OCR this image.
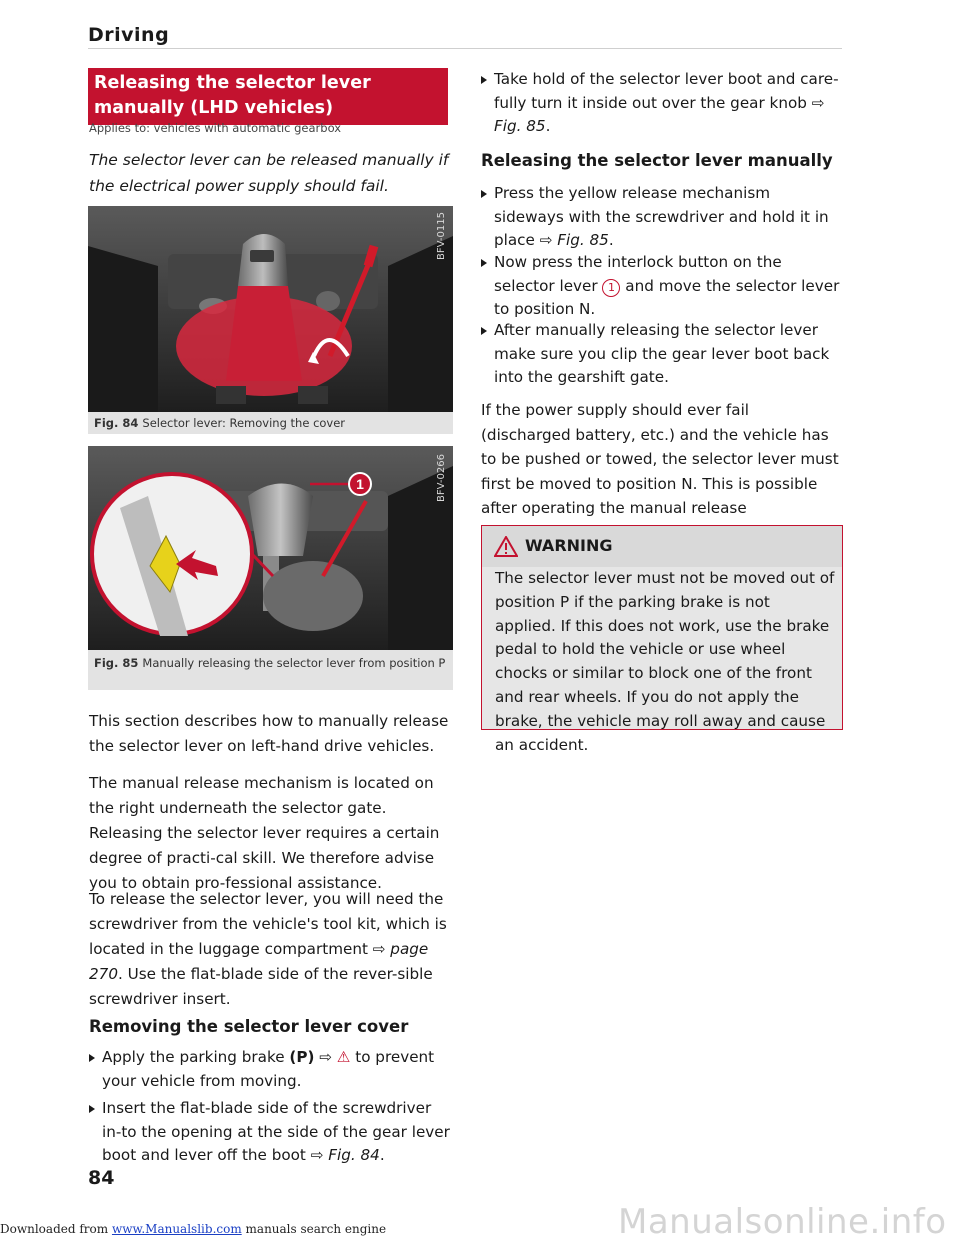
Driving
Releasing the selector lever manually (LHD vehicles)
Applies to: vehicles with automatic gearbox
The selector lever can be released manually if the electrical power supply should fail.
BFV-0115
Fig. 84 Selector lever: Removing the cover
1	BFV-0266
Fig. 85 Manually releasing the selector lever from position P
This section describes how to manually release the selector lever on left-hand drive vehicles.
The manual release mechanism is located on the right underneath the selector gate. Releasing the selector lever requires a certain degree of practi-cal skill. We therefore advise you to obtain pro-fessional assistance.
To release the selector lever, you will need the screwdriver from the vehicle's tool kit, which is located in the luggage compartment ⇨ page 270. Use the flat-blade side of the rever-sible screwdriver insert.
Removing the selector lever cover
Apply the parking brake (P) ⇨ ⚠ to prevent your vehicle from moving.
Insert the flat-blade side of the screwdriver in-to the opening at the side of the gear lever boot and lever off the boot ⇨ Fig. 84.
Take hold of the selector lever boot and care-fully turn it inside out over the gear knob ⇨ Fig. 85.
Releasing the selector lever manually
Press the yellow release mechanism sideways with the screwdriver and hold it in place ⇨ Fig. 85.
Now press the interlock button on the selector lever 1 and move the selector lever to position N.
After manually releasing the selector lever make sure you clip the gear lever boot back into the gearshift gate.
If the power supply should ever fail (discharged battery, etc.) and the vehicle has to be pushed or towed, the selector lever must first be moved to position N. This is possible after operating the manual release
WARNING
The selector lever must not be moved out of position P if the parking brake is not applied. If this does not work, use the brake pedal to hold the vehicle or use wheel chocks or similar to block one of the front and rear wheels. If you do not apply the brake, the vehicle may roll away and cause an accident.
84
Manualsonline.info
Downloaded from www.Manualslib.com manuals search engine
